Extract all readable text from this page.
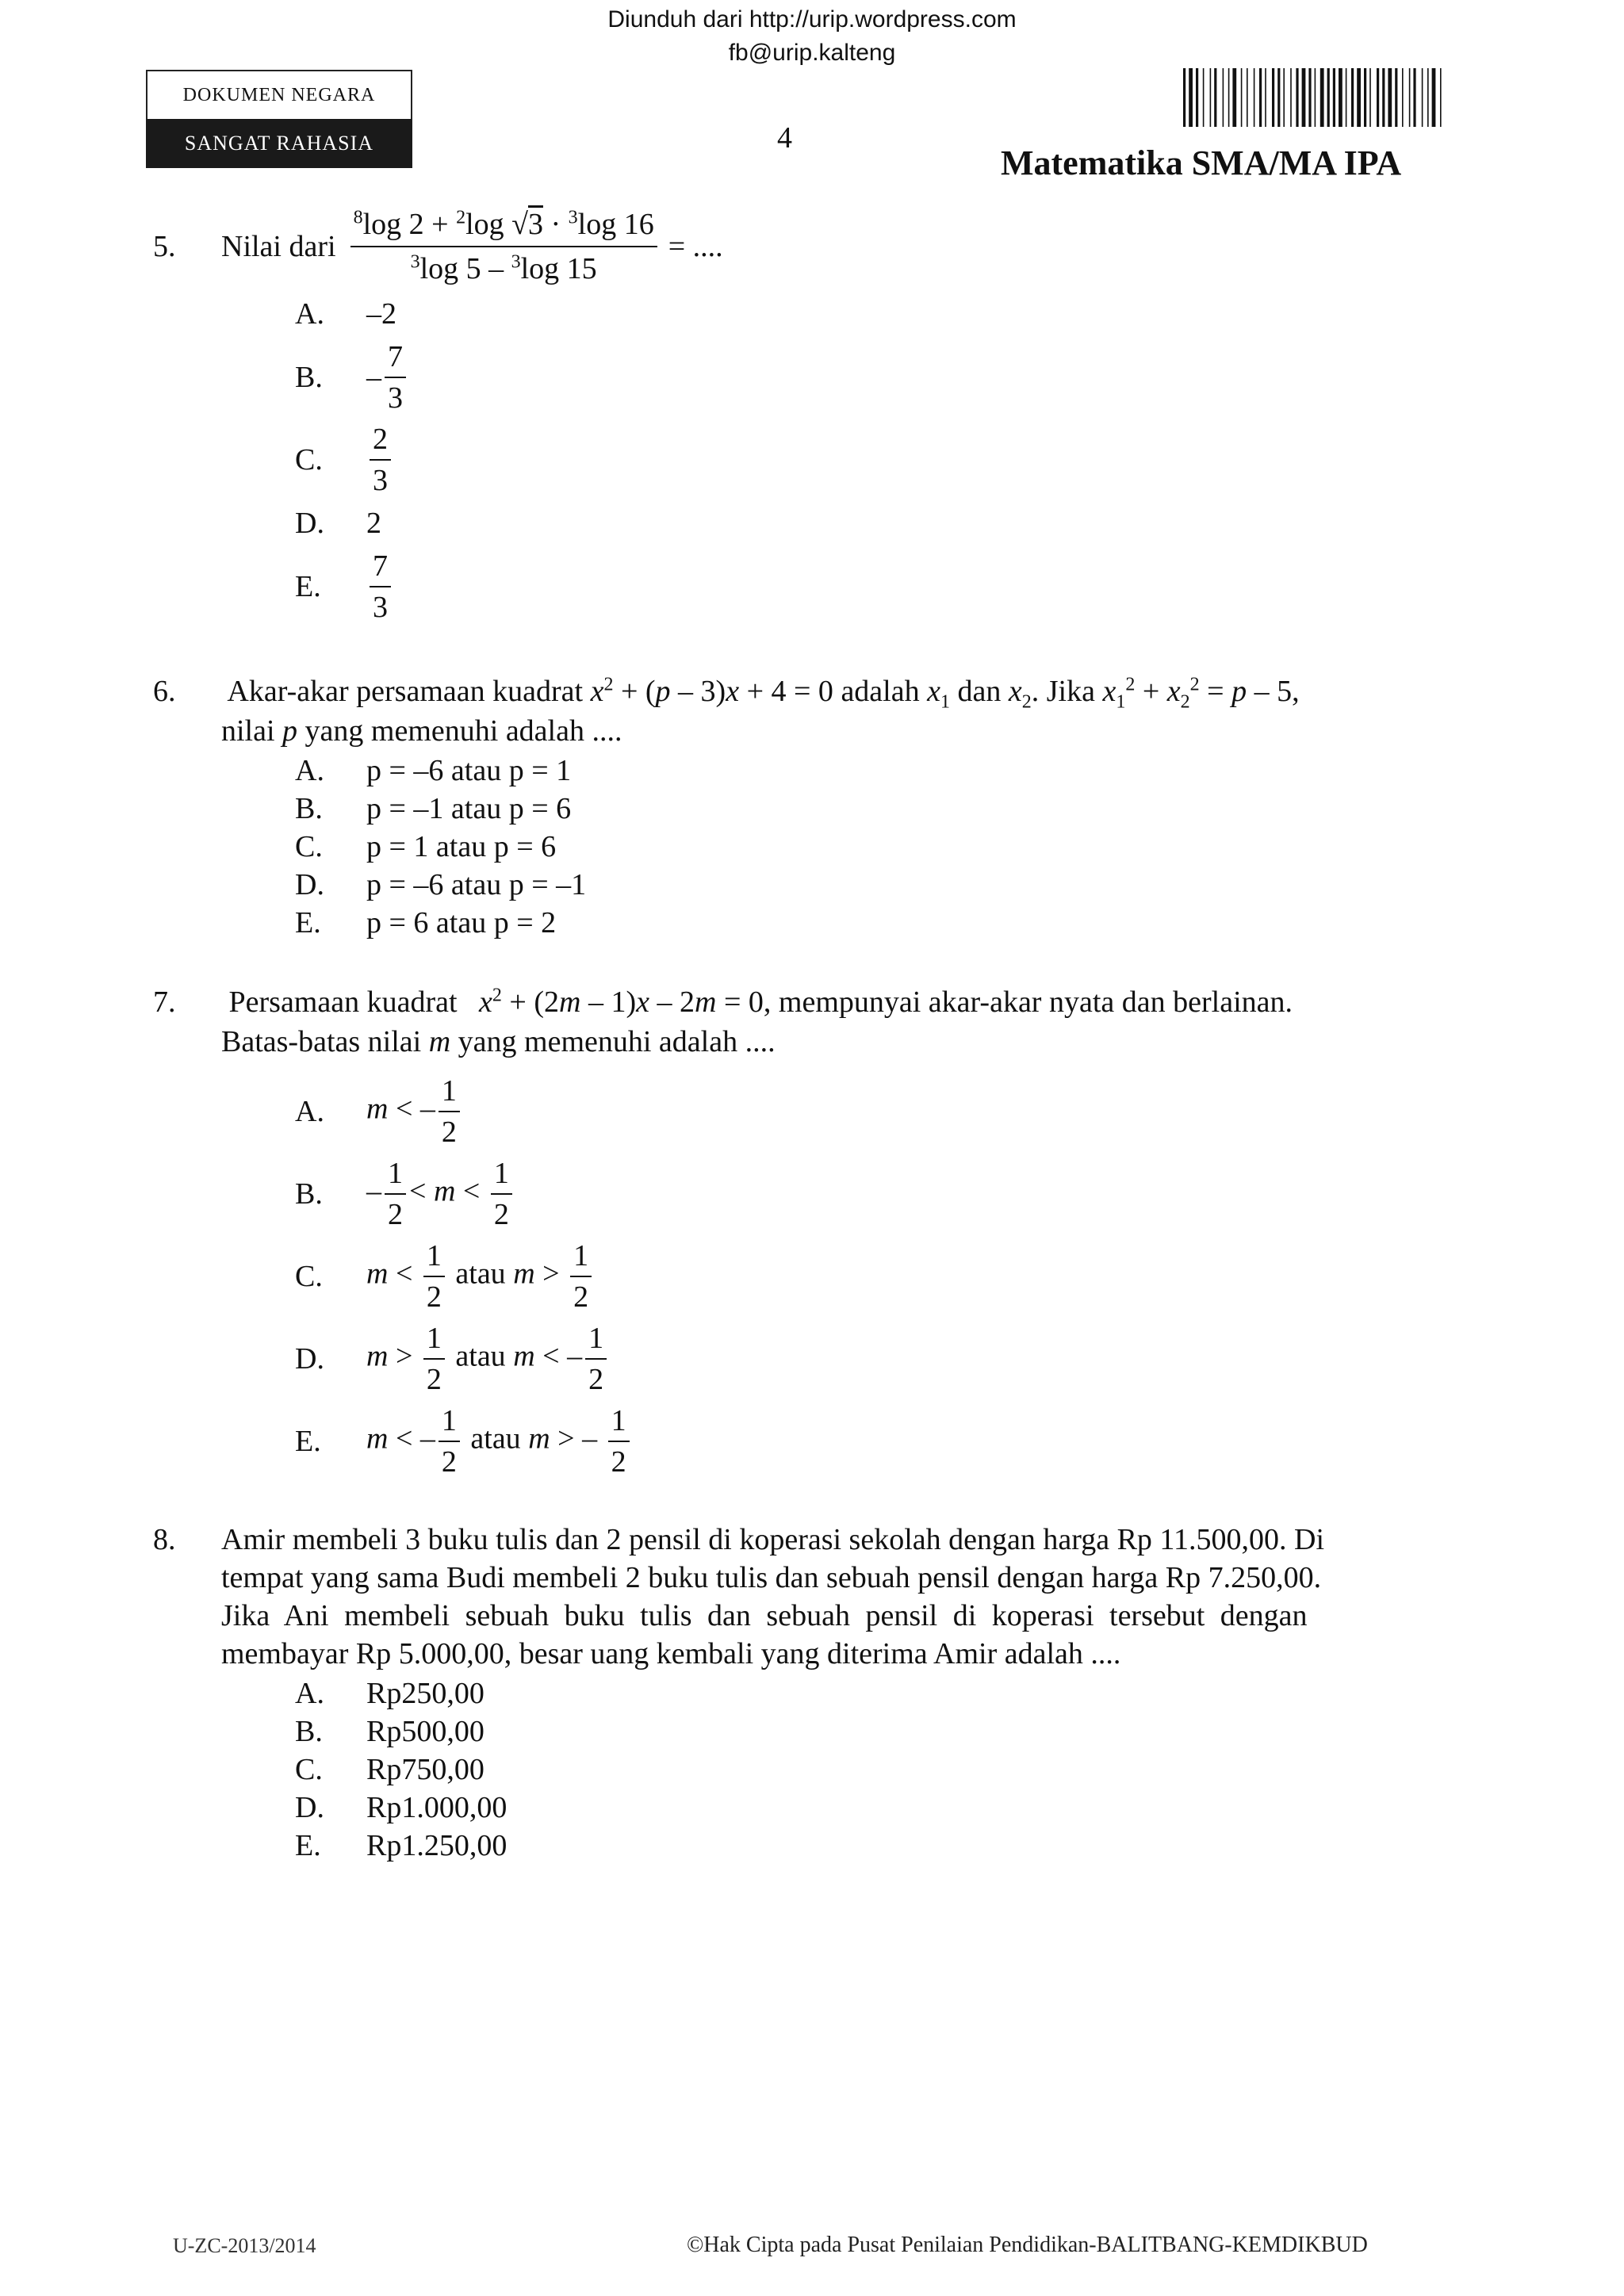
Diunduh dari http://urip.wordpress.com
fb@urip.kalteng
DOKUMEN NEGARA
SANGAT RAHASIA	4
Matematika SMA/MA IPA
5.	Nilai dari $\frac{^8\log 2 + ^2\log √3 \cdot ^3\log 16}{^3\log 5 - ^3\log 15}$ = ....
A.	–2
B.	– $\frac{7}{3}$
C.	$\frac{2}{3}$
D.	2
E.	$\frac{7}{3}$
6. Akar-akar persamaan kuadrat $x^2 + (p - 3)x + 4 = 0$ adalah $x_1$ dan $x_2$. Jika $x_1^2 + x_2^2 = p - 5$,
nilai p yang memenuhi adalah ....
A.	p = –6 atau p = 1
B.	p = –1 atau p = 6
C.	p = 1 atau p = 6
D.	p = –6 atau p = –1
E.	p = 6 atau p = 2
7. Persamaan kuadrat $x^2 + (2m - 1)x - 2m = 0$, mempunyai akar-akar nyata dan berlainan.
Batas-batas nilai m yang memenuhi adalah ....
A.	m < – $\frac{1}{2}$
B.	– $\frac{1}{2} < m < \frac{1}{2}$
C.	$m < \frac{1}{2}$ atau $m > \frac{1}{2}$
D.	$m > \frac{1}{2}$ atau m < – $\frac{1}{2}$
E.	m < – $\frac{1}{2}$ atau m > – $\frac{1}{2}$
8.	Amir membeli 3 buku tulis dan 2 pensil di koperasi sekolah dengan harga Rp 11.500,00. Di
tempat yang sama Budi membeli 2 buku tulis dan sebuah pensil dengan harga Rp 7.250,00.
Jika Ani membeli sebuah buku tulis dan sebuah pensil di koperasi tersebut dengan
membayar Rp 5.000,00, besar uang kembali yang diterima Amir adalah ....
A.	Rp250,00
B.	Rp500,00
C.	Rp750,00
D.	Rp1.000,00
E.	Rp1.250,00
U-ZC-2013/2014	©Hak Cipta pada Pusat Penilaian Pendidikan-BALITBANG-KEMDIKBUD
